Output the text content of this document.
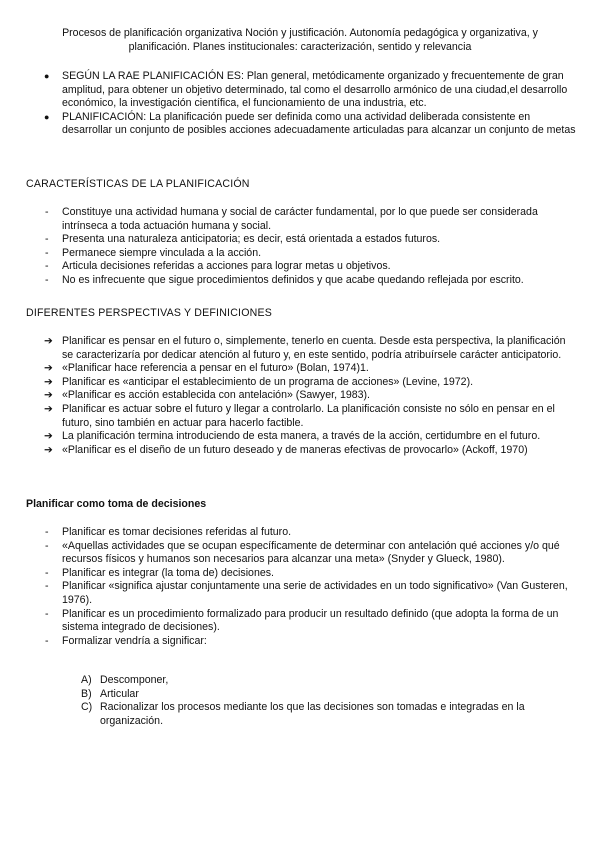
Procesos de planificación organizativa Noción y justificación. Autonomía pedagógica y organizativa, y planificación. Planes institucionales: caracterización, sentido y relevancia
●	SEGÚN LA RAE PLANIFICACIÓN ES: Plan general, metódicamente organizado y frecuentemente de gran amplitud, para obtener un objetivo determinado, tal como el desarrollo armónico de una ciudad,el desarrollo económico, la investigación científica, el funcionamiento de una industria, etc.
●	PLANIFICACIÓN: La planificación puede ser definida como una actividad deliberada consistente en desarrollar un conjunto de posibles acciones adecuadamente articuladas para alcanzar un conjunto de metas
CARACTERÍSTICAS DE LA PLANIFICACIÓN
-	Constituye una actividad humana y social de carácter fundamental, por lo que puede ser considerada intrínseca a toda actuación humana y social.
-	Presenta una naturaleza anticipatoria; es decir, está orientada a estados futuros.
-	Permanece siempre vinculada a la acción.
-	Articula decisiones referidas a acciones para lograr metas u objetivos.
-	No es infrecuente que sigue procedimientos definidos y que acabe quedando reflejada por escrito.
DIFERENTES PERSPECTIVAS Y DEFINICIONES
➔ Planificar es pensar en el futuro o, simplemente, tenerlo en cuenta. Desde esta perspectiva, la planificación se caracterizaría por dedicar atención al futuro y, en este sentido, podría atribuírsele carácter anticipatorio.
➔ «Planificar hace referencia a pensar en el futuro» (Bolan, 1974)1.
➔ Planificar es «anticipar el establecimiento de un programa de acciones» (Levine, 1972).
➔ «Planificar es acción establecida con antelación» (Sawyer, 1983).
➔ Planificar es actuar sobre el futuro y llegar a controlarlo. La planificación consiste no sólo en pensar en el futuro, sino también en actuar para hacerlo factible.
➔ La planificación termina introduciendo de esta manera, a través de la acción, certidumbre en el futuro.
➔ «Planificar es el diseño de un futuro deseado y de maneras efectivas de provocarlo» (Ackoff, 1970)
Planificar como toma de decisiones
-	Planificar es tomar decisiones referidas al futuro.
-	«Aquellas actividades que se ocupan específicamente de determinar con antelación qué acciones y/o qué recursos físicos y humanos son necesarios para alcanzar una meta» (Snyder y Glueck, 1980).
-	Planificar es integrar (la toma de) decisiones.
-	Planificar «significa ajustar conjuntamente una serie de actividades en un todo significativo» (Van Gusteren, 1976).
-	Planificar es un procedimiento formalizado para producir un resultado definido (que adopta la forma de un sistema integrado de decisiones).
-	Formalizar vendría a significar:
A) Descomponer,
B) Articular
C) Racionalizar los procesos mediante los que las decisiones son tomadas e integradas en la organización.
